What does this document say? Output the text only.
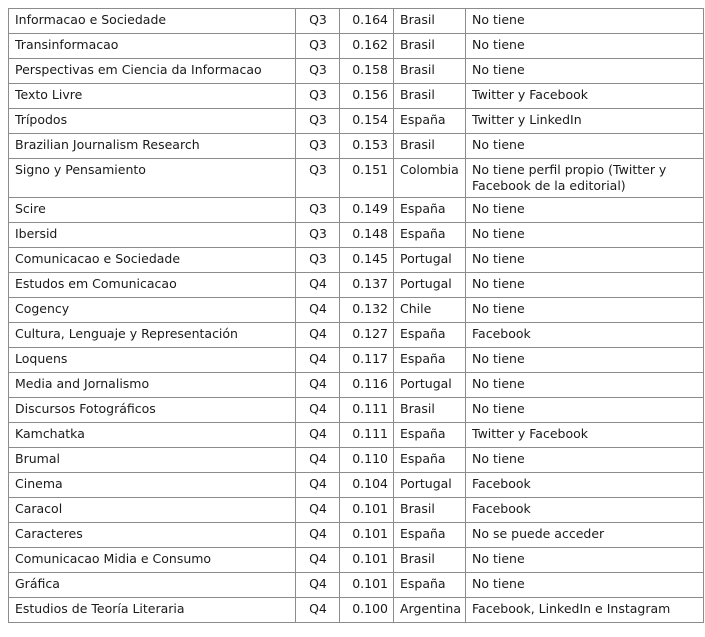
Informacao e Sociedade	Q3	0.164	Brasil	No tiene
Transinformacao	Q3	0.162	Brasil	No tiene
Perspectivas em Ciencia da Informacao	Q3	0.158	Brasil	No tiene
Texto Livre	Q3	0.156	Brasil	Twitter y Facebook
Trípodos	Q3	0.154	España	Twitter y LinkedIn
Brazilian Journalism Research	Q3	0.153	Brasil	No tiene
Signo y Pensamiento	Q3	0.151	Colombia	No tiene perfil propio (Twitter y Facebook de la editorial)
Scire	Q3	0.149	España	No tiene
Ibersid	Q3	0.148	España	No tiene
Comunicacao e Sociedade	Q3	0.145	Portugal	No tiene
Estudos em Comunicacao	Q4	0.137	Portugal	No tiene
Cogency	Q4	0.132	Chile	No tiene
Cultura, Lenguaje y Representación	Q4	0.127	España	Facebook
Loquens	Q4	0.117	España	No tiene
Media and Jornalismo	Q4	0.116	Portugal	No tiene
Discursos Fotográficos	Q4	0.111	Brasil	No tiene
Kamchatka	Q4	0.111	España	Twitter y Facebook
Brumal	Q4	0.110	España	No tiene
Cinema	Q4	0.104	Portugal	Facebook
Caracol	Q4	0.101	Brasil	Facebook
Caracteres	Q4	0.101	España	No se puede acceder
Comunicacao Midia e Consumo	Q4	0.101	Brasil	No tiene
Gráfica	Q4	0.101	España	No tiene
Estudios de Teoría Literaria	Q4	0.100	Argentina	Facebook, LinkedIn e Instagram
